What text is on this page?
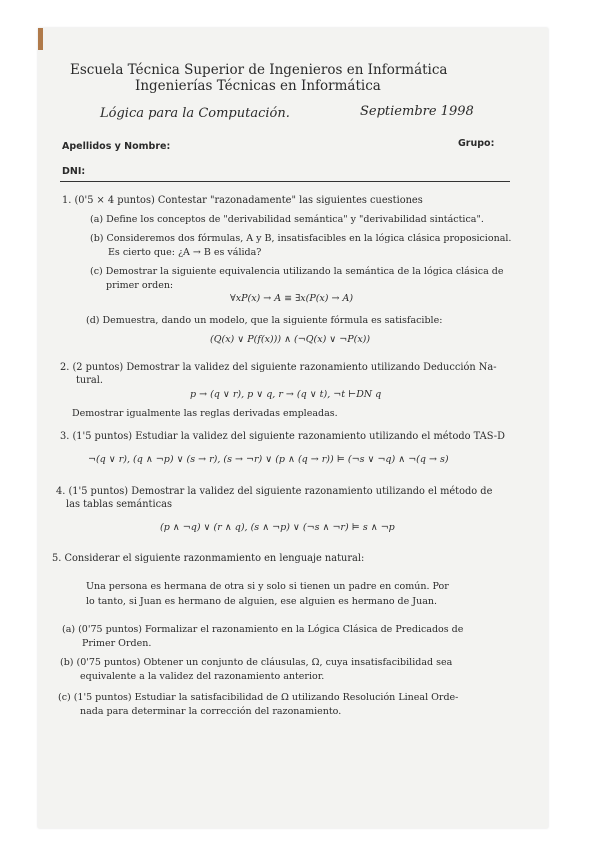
Escuela Técnica Superior de Ingenieros en Informática
Ingenierías Técnicas en Informática
Lógica para la Computación.	Septiembre 1998
Apellidos y Nombre:	Grupo:
DNI:
1. (0'5 × 4 puntos) Contestar "razonadamente" las siguientes cuestiones
(a) Define los conceptos de "derivabilidad semántica" y "derivabilidad sintáctica".
(b) Consideremos dos fórmulas, A y B, insatisfacibles en la lógica clásica proposicional.
Es cierto que: ¿A → B es válida?
(c) Demostrar la siguiente equivalencia utilizando la semántica de la lógica clásica de
primer orden:
∀xP(x) → A ≡ ∃x(P(x) → A)
(d) Demuestra, dando un modelo, que la siguiente fórmula es satisfacible:
(Q(x) ∨ P(f(x))) ∧ (¬Q(x) ∨ ¬P(x))
2. (2 puntos) Demostrar la validez del siguiente razonamiento utilizando Deducción Na-
tural.
p → (q ∨ r), p ∨ q, r → (q ∨ t), ¬t ⊢DN q
Demostrar igualmente las reglas derivadas empleadas.
3. (1'5 puntos) Estudiar la validez del siguiente razonamiento utilizando el método TAS-D
¬(q ∨ r), (q ∧ ¬p) ∨ (s → r), (s → ¬r) ∨ (p ∧ (q → r)) ⊨ (¬s ∨ ¬q) ∧ ¬(q → s)
4. (1'5 puntos) Demostrar la validez del siguiente razonamiento utilizando el método de
las tablas semánticas
(p ∧ ¬q) ∨ (r ∧ q), (s ∧ ¬p) ∨ (¬s ∧ ¬r) ⊨ s ∧ ¬p
5. Considerar el siguiente razonmamiento en lenguaje natural:
Una persona es hermana de otra si y solo si tienen un padre en común. Por
lo tanto, si Juan es hermano de alguien, ese alguien es hermano de Juan.
(a) (0'75 puntos) Formalizar el razonamiento en la Lógica Clásica de Predicados de
Primer Orden.
(b) (0'75 puntos) Obtener un conjunto de cláusulas, Ω, cuya insatisfacibilidad sea
equivalente a la validez del razonamiento anterior.
(c) (1'5 puntos) Estudiar la satisfacibilidad de Ω utilizando Resolución Lineal Orde-
nada para determinar la corrección del razonamiento.
